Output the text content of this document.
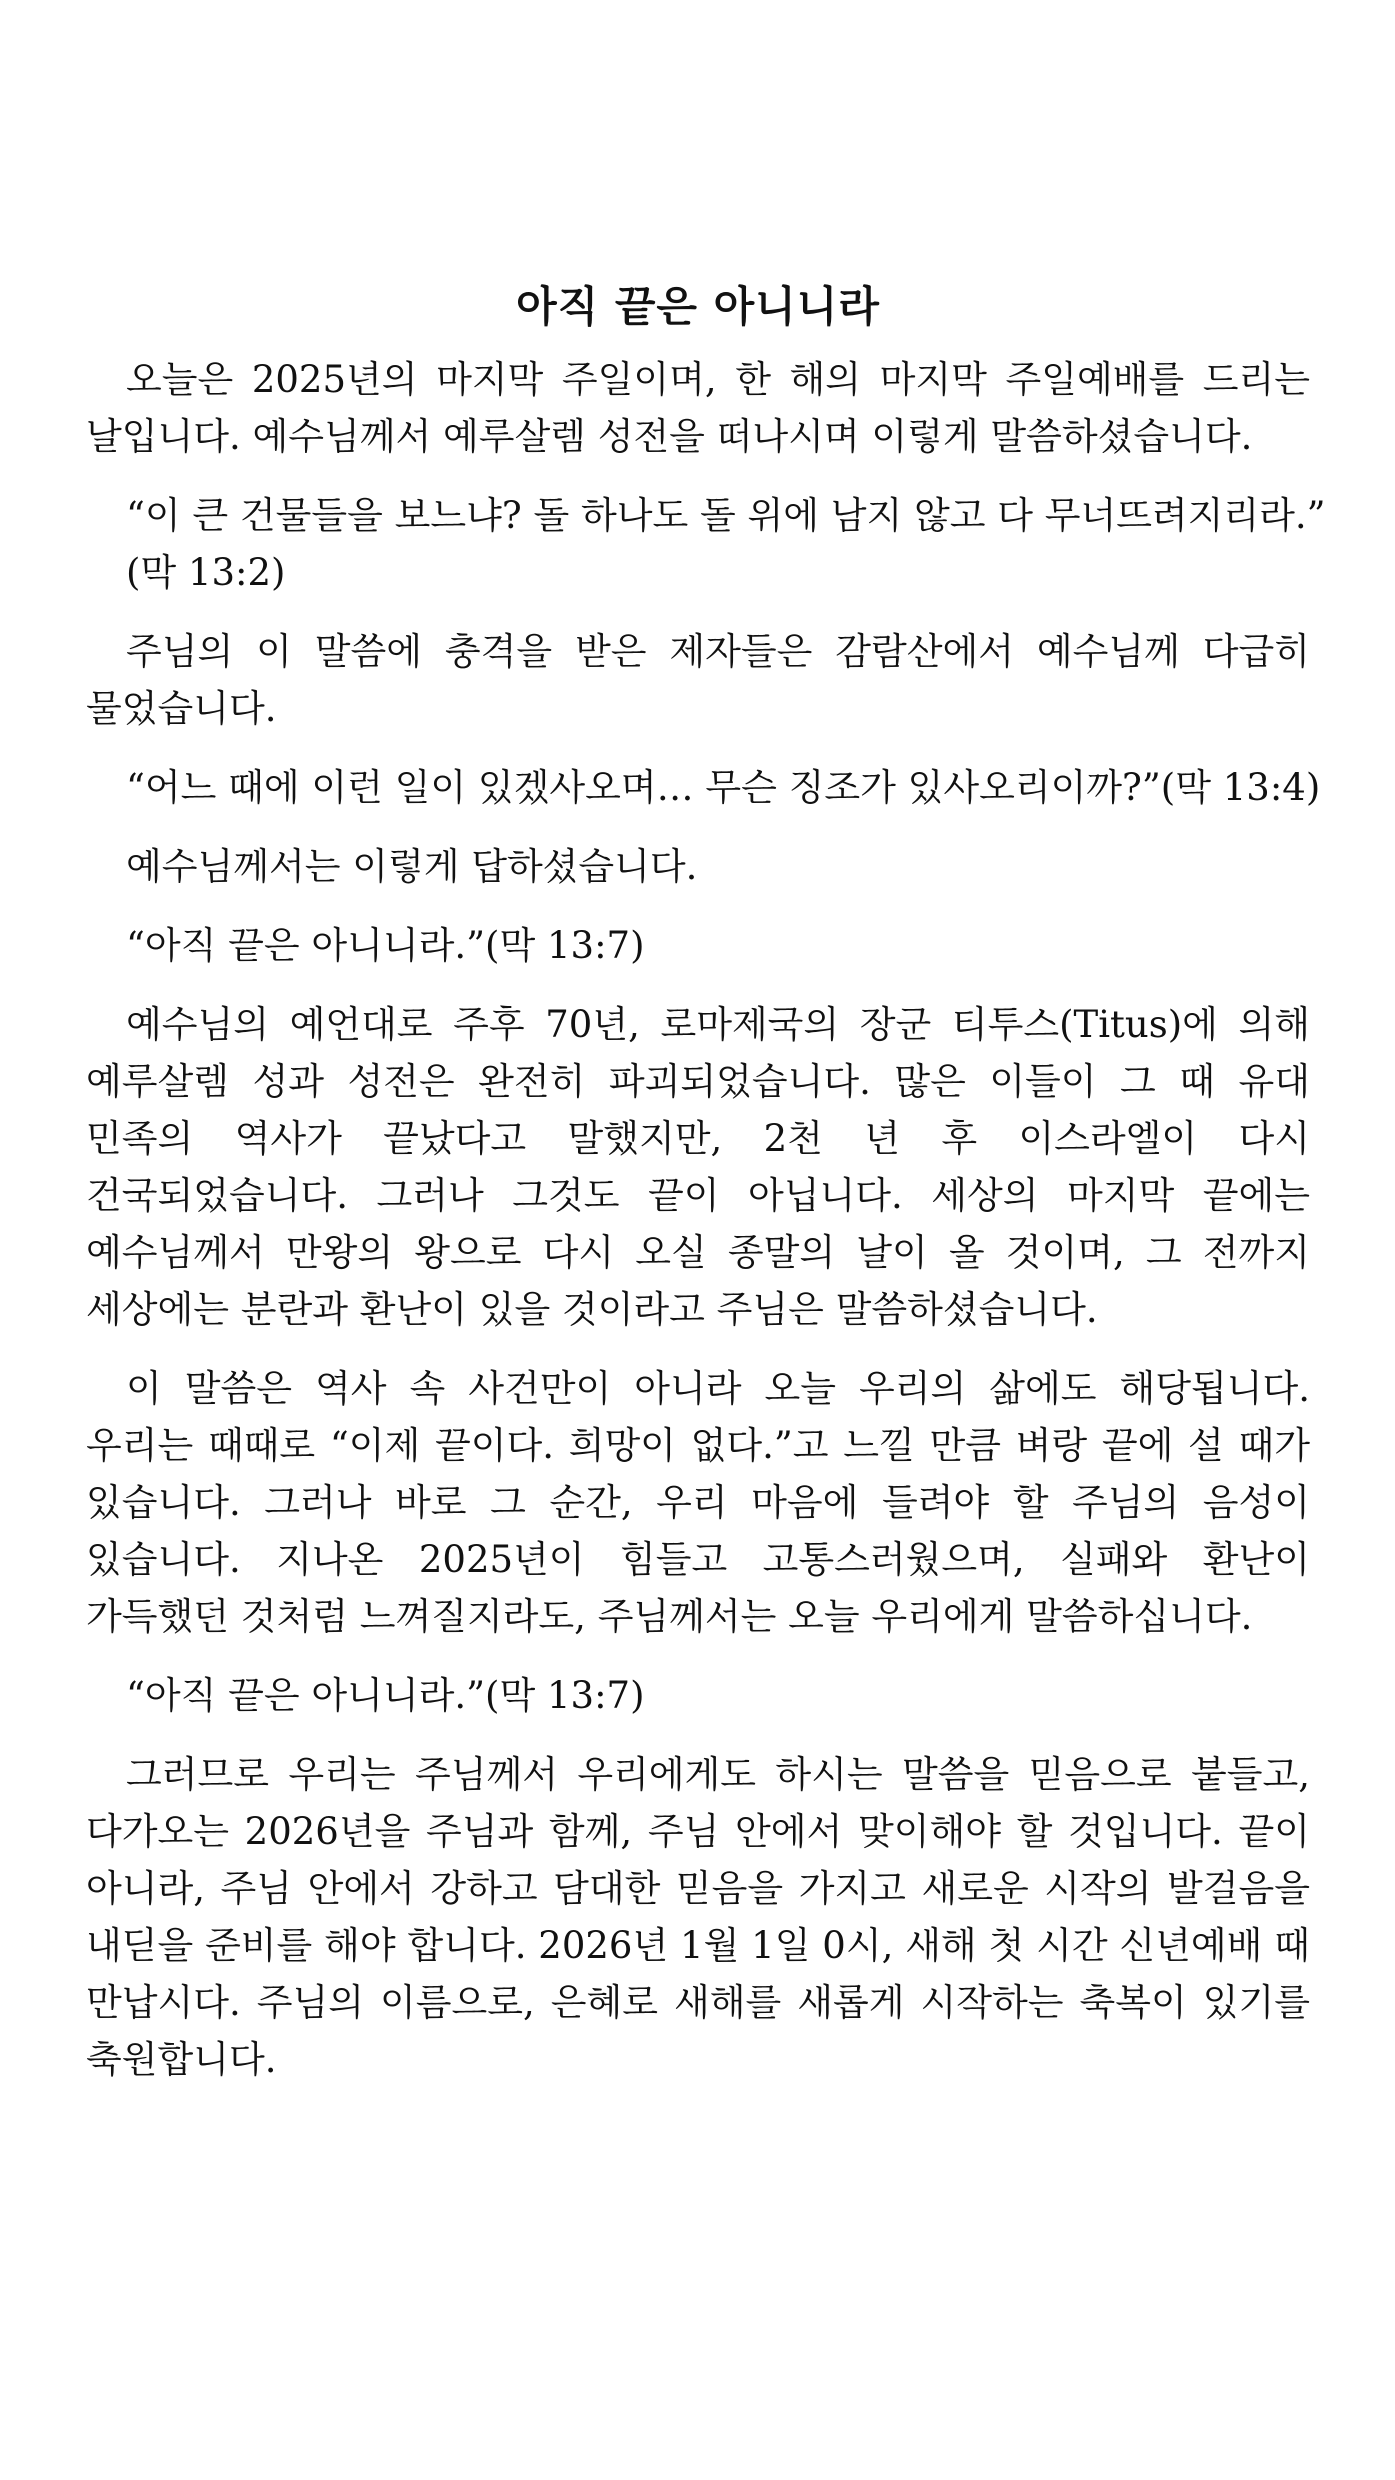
아직 끝은 아니니라

오늘은 2025년의 마지막 주일이며, 한 해의 마지막 주일예배를 드리는 날입니다. 예수님께서 예루살렘 성전을 떠나시며 이렇게 말씀하셨습니다.

“이 큰 건물들을 보느냐? 돌 하나도 돌 위에 남지 않고 다 무너뜨려지리라.”
(막 13:2)

주님의 이 말씀에 충격을 받은 제자들은 감람산에서 예수님께 다급히 물었습니다.

“어느 때에 이런 일이 있겠사오며… 무슨 징조가 있사오리이까?”(막 13:4)

예수님께서는 이렇게 답하셨습니다.

“아직 끝은 아니니라.”(막 13:7)

예수님의 예언대로 주후 70년, 로마제국의 장군 티투스(Titus)에 의해 예루살렘 성과 성전은 완전히 파괴되었습니다. 많은 이들이 그 때 유대 민족의 역사가 끝났다고 말했지만, 2천 년 후 이스라엘이 다시 건국되었습니다. 그러나 그것도 끝이 아닙니다. 세상의 마지막 끝에는 예수님께서 만왕의 왕으로 다시 오실 종말의 날이 올 것이며, 그 전까지 세상에는 분란과 환난이 있을 것이라고 주님은 말씀하셨습니다.

이 말씀은 역사 속 사건만이 아니라 오늘 우리의 삶에도 해당됩니다. 우리는 때때로 “이제 끝이다. 희망이 없다.”고 느낄 만큼 벼랑 끝에 설 때가 있습니다. 그러나 바로 그 순간, 우리 마음에 들려야 할 주님의 음성이 있습니다. 지나온 2025년이 힘들고 고통스러웠으며, 실패와 환난이 가득했던 것처럼 느껴질지라도, 주님께서는 오늘 우리에게 말씀하십니다.

“아직 끝은 아니니라.”(막 13:7)

그러므로 우리는 주님께서 우리에게도 하시는 말씀을 믿음으로 붙들고, 다가오는 2026년을 주님과 함께, 주님 안에서 맞이해야 할 것입니다. 끝이 아니라, 주님 안에서 강하고 담대한 믿음을 가지고 새로운 시작의 발걸음을 내딛을 준비를 해야 합니다. 2026년 1월 1일 0시, 새해 첫 시간 신년예배 때 만납시다. 주님의 이름으로, 은혜로 새해를 새롭게 시작하는 축복이 있기를 축원합니다.
